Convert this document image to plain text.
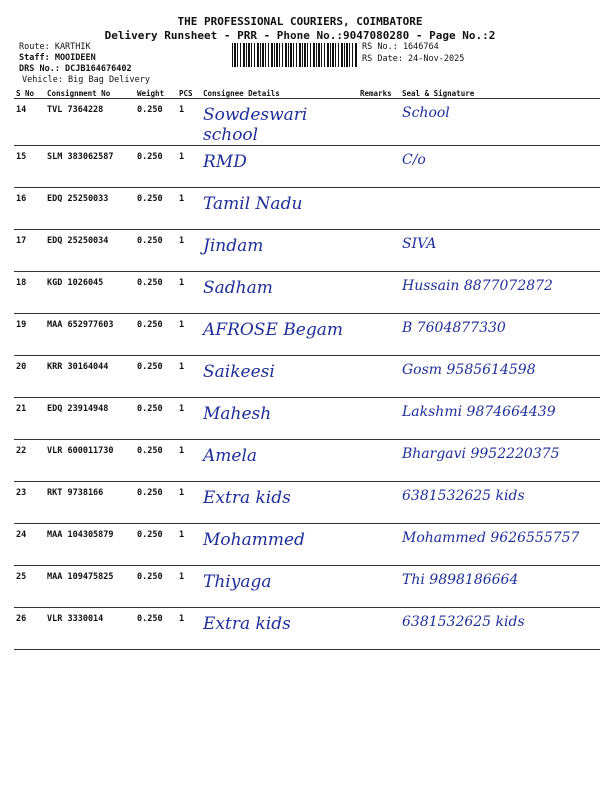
THE PROFESSIONAL COURIERS, COIMBATORE
Delivery Runsheet - PRR - Phone No.:9047080280 - Page No.:2
Route: KARTHIK
Staff: MOOIDEEN
DRS No.: DCJB164676402
Vehicle: Big Bag Delivery
RS No.: 1646764
RS Date: 24-Nov-2025
S No	Consignment No	Weight	PCS	Consignee Details	Remarks	Seal & Signature
14	TVL 7364228	0.250	1	Sowdeswari school		School
15	SLM 383062587	0.250	1	RMD		C/o
16	EDQ 25250033	0.250	1	Tamil Nadu		
17	EDQ 25250034	0.250	1	Jindam		SIVA
18	KGD 1026045	0.250	1	Sadham		Hussain 8877072872
19	MAA 652977603	0.250	1	AFROSE Begam		B 7604877330
20	KRR 30164044	0.250	1	Saikeesi		Gosm 9585614598
21	EDQ 23914948	0.250	1	Mahesh		Lakshmi 9874664439
22	VLR 600011730	0.250	1	Amela		Bhargavi 9952220375
23	RKT 9738166	0.250	1	Extra kids		6381532625 kids
24	MAA 104305879	0.250	1	Mohammed		Mohammed 9626555757
25	MAA 109475825	0.250	1	Thiyaga		Thi 9898186664
26	VLR 3330014	0.250	1	Extra kids		6381532625 kids
